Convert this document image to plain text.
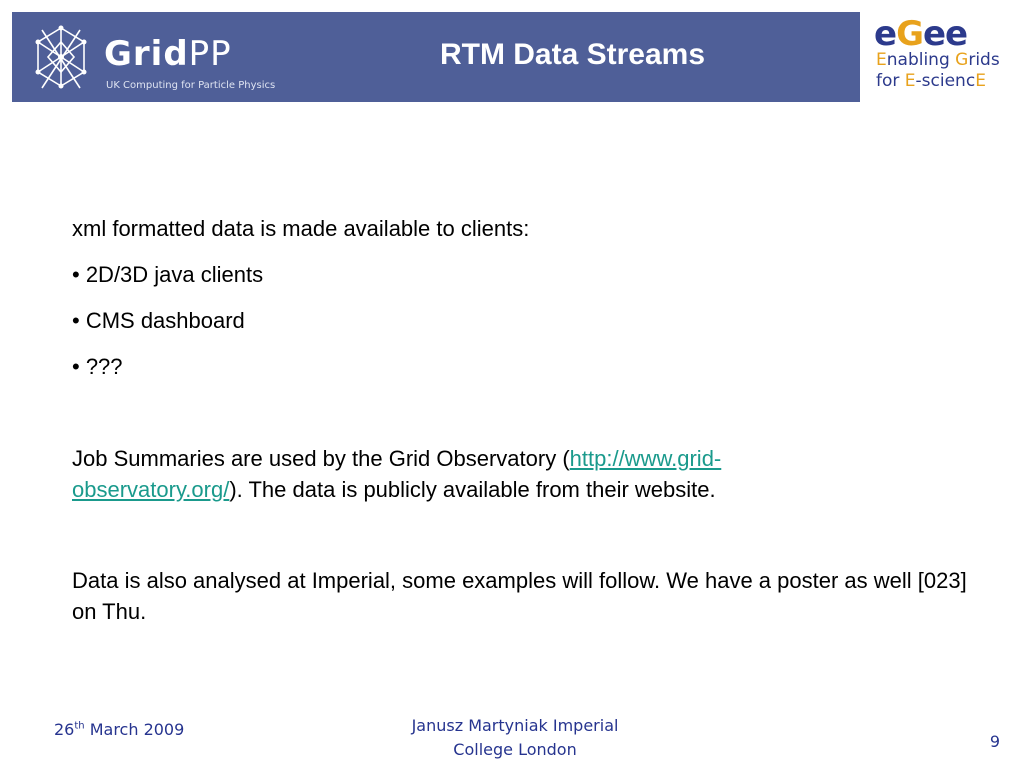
GridPP
UK Computing for Particle Physics
RTM Data Streams
eGee
Enabling Grids
for E-sciencE

xml formatted data is made available to clients:

• 2D/3D java clients

• CMS dashboard

• ???

Job Summaries are used by the Grid Observatory (http://www.grid-observatory.org/). The data is publicly available from their website.

Data is also analysed at Imperial, some examples will follow. We have a poster as well [023] on Thu.

26th March 2009	Janusz Martyniak Imperial College London	9
